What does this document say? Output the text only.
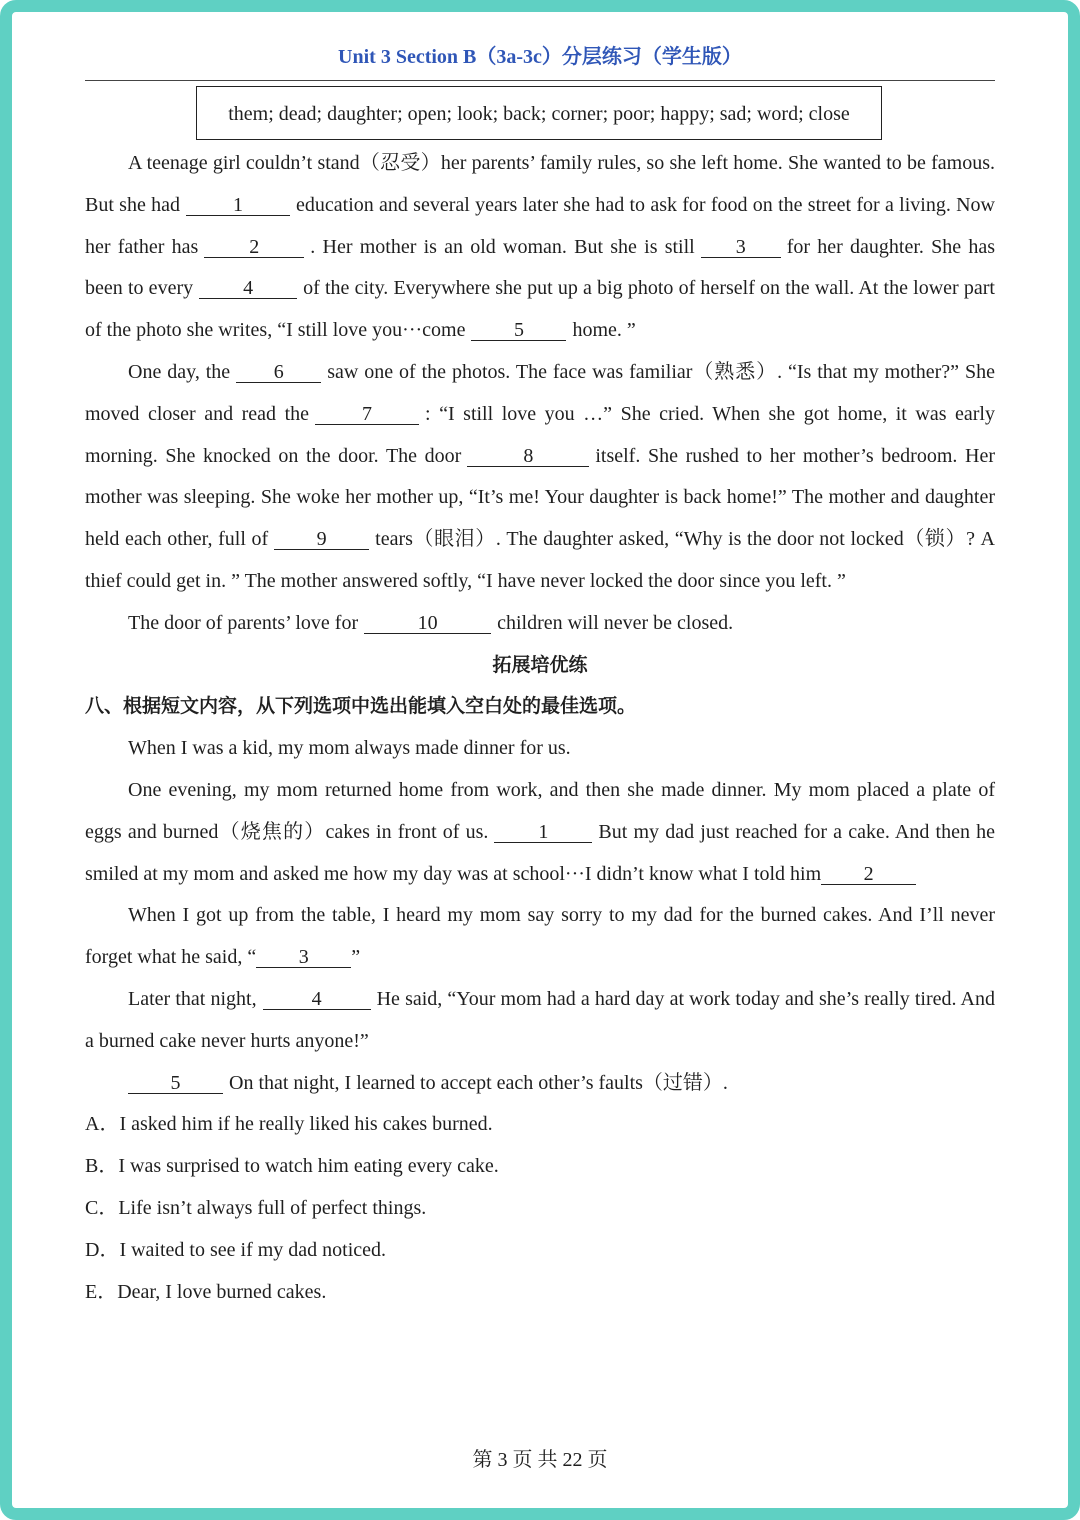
Unit 3 Section B（3a-3c）分层练习（学生版）
them; dead; daughter; open; look; back; corner; poor; happy; sad; word; close

A teenage girl couldn’t stand（忍受）her parents’ family rules, so she left home. She wanted to be famous. But she had	1	education and several years later she had to ask for food on the street for a living. Now her father has	2	. Her mother is an old woman. But she is still 3 for her daughter. She has been to every	4	of the city. Everywhere she put up a big photo of herself on the wall. At the lower part of the photo she writes, “I still love you···come 5 home. ”

One day, the 6 saw one of the photos. The face was familiar（熟悉）. “Is that my mother?” She moved closer and read the	7	: “I still love you …” She cried. When she got home, it was early morning. She knocked on the door. The door	8	itself. She rushed to her mother’s bedroom. Her mother was sleeping. She woke her mother up, “It’s me! Your daughter is back home!” The mother and daughter held each other, full of 9 tears（眼泪）. The daughter asked, “Why is the door not locked（锁）? A thief could get in. ” The mother answered softly, “I have never locked the door since you left. ”

The door of parents’ love for	10	children will never be closed.

拓展培优练

八、根据短文内容，从下列选项中选出能填入空白处的最佳选项。

When I was a kid, my mom always made dinner for us.

One evening, my mom returned home from work, and then she made dinner. My mom placed a plate of eggs and burned（烧焦的）cakes in front of us.	1	But my dad just reached for a cake. And then he smiled at my mom and asked me how my day was at school···I didn’t know what I told him 2

When I got up from the table, I heard my mom say sorry to my dad for the burned cakes. And I’ll never forget what he said, “ 3 ”

Later that night,	4	He said, “Your mom had a hard day at work today and she’s really tired. And a burned cake never hurts anyone!”

5 On that night, I learned to accept each other’s faults（过错）.

A．I asked him if he really liked his cakes burned.

B．I was surprised to watch him eating every cake.

C．Life isn’t always full of perfect things.

D．I waited to see if my dad noticed.

E．Dear, I love burned cakes.

第 3 页 共 22 页
